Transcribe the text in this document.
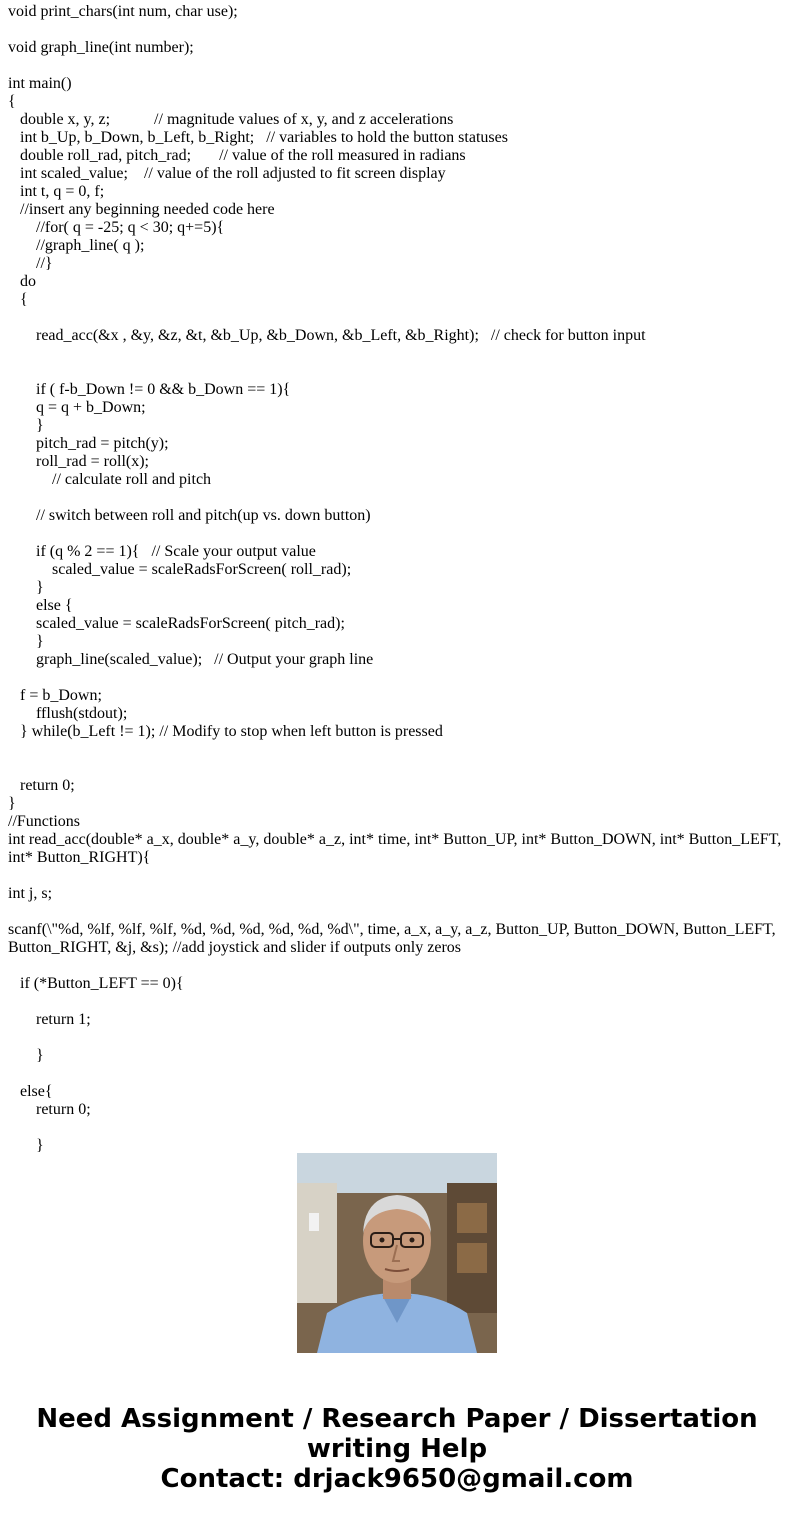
void print_chars(int num, char use);
void graph_line(int number);
int main()
{
double x, y, z;           // magnitude values of x, y, and z accelerations
int b_Up, b_Down, b_Left, b_Right;   // variables to hold the button statuses
double roll_rad, pitch_rad;       // value of the roll measured in radians
int scaled_value;    // value of the roll adjusted to fit screen display
int t, q = 0, f;
//insert any beginning needed code here
//for( q = -25; q < 30; q+=5){
//graph_line( q );
//}
do
{
read_acc(&x , &y, &z, &t, &b_Up, &b_Down, &b_Left, &b_Right);   // check for button input
if ( f-b_Down != 0 && b_Down == 1){
q = q + b_Down;
}
pitch_rad = pitch(y);
roll_rad = roll(x);
// calculate roll and pitch
// switch between roll and pitch(up vs. down button)
if (q % 2 == 1){   // Scale your output value
scaled_value = scaleRadsForScreen( roll_rad);
}
else {
scaled_value = scaleRadsForScreen( pitch_rad);
}
graph_line(scaled_value);   // Output your graph line
f = b_Down;
fflush(stdout);
} while(b_Left != 1); // Modify to stop when left button is pressed
return 0;
}
//Functions
int read_acc(double* a_x, double* a_y, double* a_z, int* time, int* Button_UP, int* Button_DOWN, int* Button_LEFT, int* Button_RIGHT){
int j, s;
scanf(\"%d, %lf, %lf, %lf, %d, %d, %d, %d, %d, %d\", time, a_x, a_y, a_z, Button_UP, Button_DOWN, Button_LEFT, Button_RIGHT, &j, &s); //add joystick and slider if outputs only zeros
if (*Button_LEFT == 0){
return 1;
}
else{
return 0;
}
Need Assignment / Research Paper / Dissertation writing Help
Contact: drjack9650@gmail.com
